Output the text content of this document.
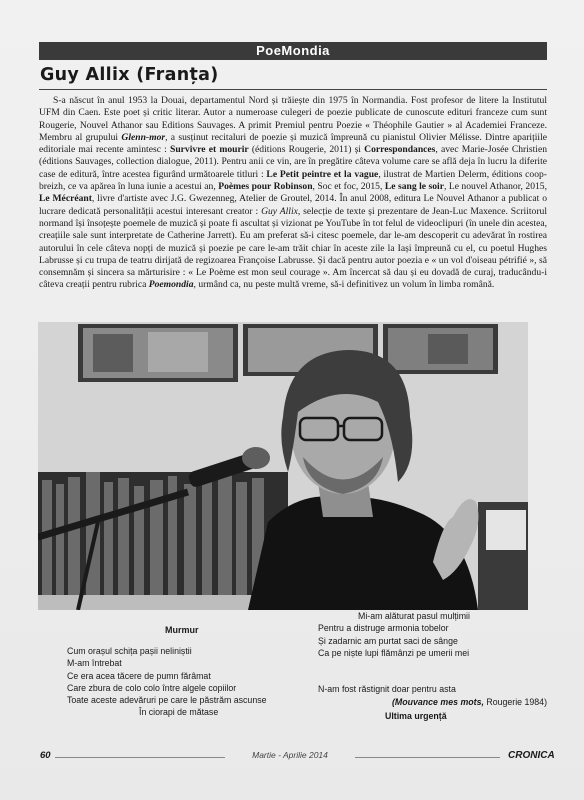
PoeMondia
Guy Allix (Franța)

S-a născut în anul 1953 la Douai, departamentul Nord și trăiește din 1975 în Normandia. Fost profesor de litere la Institutul UFM din Caen. Este poet și critic literar. Autor a numeroase culegeri de poezie publicate de cunoscute edituri franceze cum sunt Rougerie, Nouvel Athanor sau Editions Sauvages. A primit Premiul pentru Poezie « Théophile Gautier » al Academiei Franceze. Membru al grupului Glenn-mor, a susținut recitaluri de poezie și muzică împreună cu pianistul Olivier Mélisse. Dintre aparițiile editoriale mai recente amintesc : Survivre et mourir (éditions Rougerie, 2011) și Correspondances, avec Marie-Josée Christien (éditions Sauvages, collection dialogue, 2011). Pentru anii ce vin, are în pregătire câteva volume care se află deja în lucru la diferite case de editură, între acestea figurând următoarele titluri : Le Petit peintre et la vague, ilustrat de Martien Delerm, éditions coop-breizh, ce va apărea în luna iunie a acestui an, Poèmes pour Robinson, Soc et foc, 2015, Le sang le soir, Le nouvel Athanor, 2015, Le Mécréant, livre d'artiste avec J.G. Gwezenneg, Atelier de Groutel, 2014. În anul 2008, editura Le Nouvel Athanor a publicat o lucrare dedicată personalității acestui interesant creator : Guy Allix, selecție de texte și prezentare de Jean-Luc Maxence. Scriitorul normand își însoțește poemele de muzică și poate fi ascultat și vizionat pe YouTube în tot felul de videoclipuri (în unele din acestea, creațiile sale sunt interpretate de Catherine Jarrett). Eu am preferat să-i citesc poemele, dar le-am descoperit cu adevărat în rostirea autorului în cele câteva nopți de muzică și poezie pe care le-am trăit chiar în aceste zile la Iași împreună cu el, cu poetul Hughes Labrusse și cu trupa de teatru dirijată de regizoarea Françoise Labrusse. Și dacă pentru autor poezia e « un vol d'oiseau pétrifié », să consemnăm și sincera sa mărturisire : « Le Poème est mon seul courage ». Am încercat să dau și eu dovadă de curaj, traducându-i câteva creații pentru rubrica Poemondia, urmând ca, nu peste multă vreme, să-i definitivez un volum în limba română.

Murmur
Cum orașul schița pașii neliniștii
M-am întrebat
Ce era acea tăcere de pumn fărâmat
Care zbura de colo colo între algele copiilor
Toate aceste adevăruri pe care le păstrăm ascunse
În ciorapi de mătase
Mi-am alăturat pasul mulțimii
Pentru a distruge armonia tobelor
Și zadarnic am purtat saci de sânge
Ca pe niște lupi flămânzi pe umerii mei
N-am fost răstignit doar pentru asta
(Mouvance mes mots, Rougerie 1984)
Ultima urgență
60	Martie - Aprilie 2014	CRONICA
